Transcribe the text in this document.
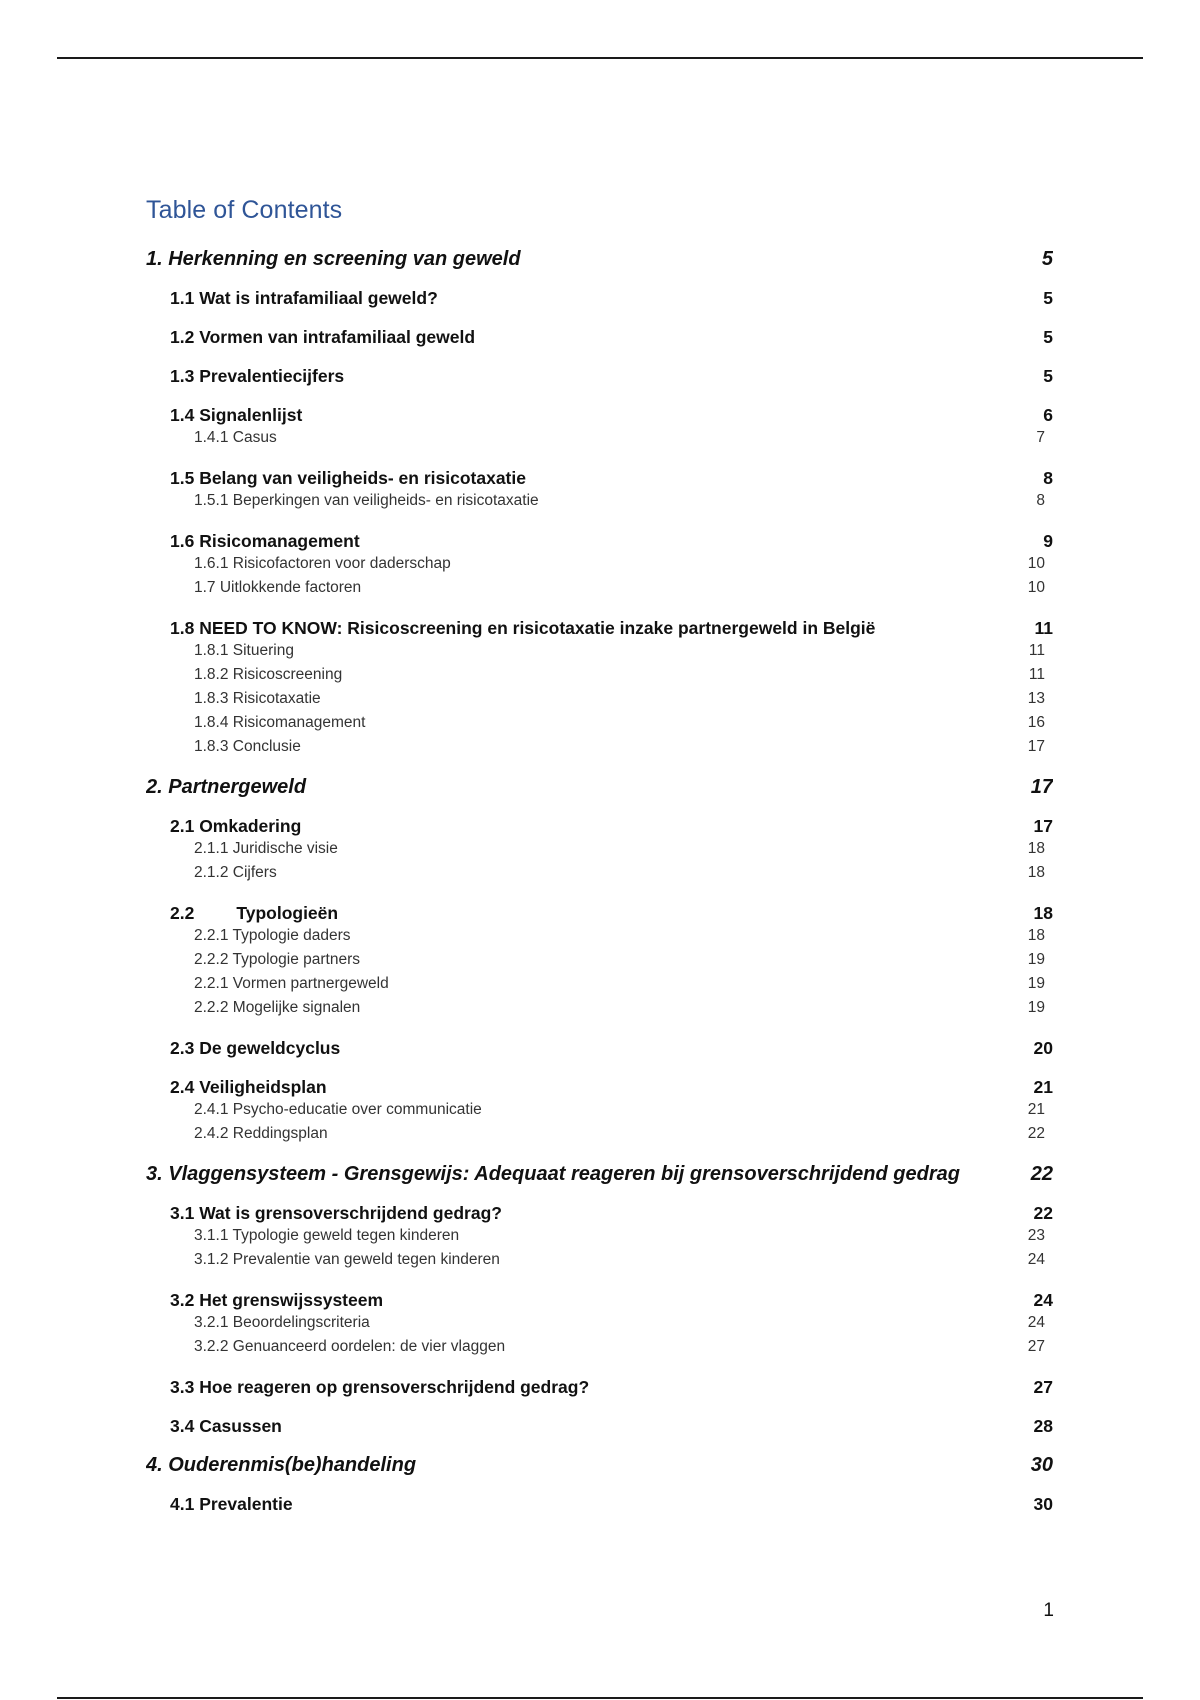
Table of Contents
1. Herkenning en screening van geweld	5
1.1 Wat is intrafamiliaal geweld?	5
1.2 Vormen van intrafamiliaal geweld	5
1.3 Prevalentiecijfers	5
1.4 Signalenlijst	6
1.4.1 Casus	7
1.5 Belang van veiligheids- en risicotaxatie	8
1.5.1 Beperkingen van veiligheids- en risicotaxatie	8
1.6 Risicomanagement	9
1.6.1 Risicofactoren voor daderschap	10
1.7 Uitlokkende factoren	10
1.8 NEED TO KNOW: Risicoscreening en risicotaxatie inzake partnergeweld in België	11
1.8.1 Situering	11
1.8.2 Risicoscreening	11
1.8.3 Risicotaxatie	13
1.8.4 Risicomanagement	16
1.8.3 Conclusie	17
2. Partnergeweld	17
2.1 Omkadering	17
2.1.1 Juridische visie	18
2.1.2 Cijfers	18
2.2 Typologieën	18
2.2.1 Typologie daders	18
2.2.2 Typologie partners	19
2.2.1 Vormen partnergeweld	19
2.2.2 Mogelijke signalen	19
2.3 De geweldcyclus	20
2.4 Veiligheidsplan	21
2.4.1 Psycho-educatie over communicatie	21
2.4.2 Reddingsplan	22
3. Vlaggensysteem - Grensgewijs: Adequaat reageren bij grensoverschrijdend gedrag	22
3.1 Wat is grensoverschrijdend gedrag?	22
3.1.1 Typologie geweld tegen kinderen	23
3.1.2 Prevalentie van geweld tegen kinderen	24
3.2 Het grenswijssysteem	24
3.2.1 Beoordelingscriteria	24
3.2.2 Genuanceerd oordelen: de vier vlaggen	27
3.3 Hoe reageren op grensoverschrijdend gedrag?	27
3.4 Casussen	28
4. Ouderenmis(be)handeling	30
4.1 Prevalentie	30
1
